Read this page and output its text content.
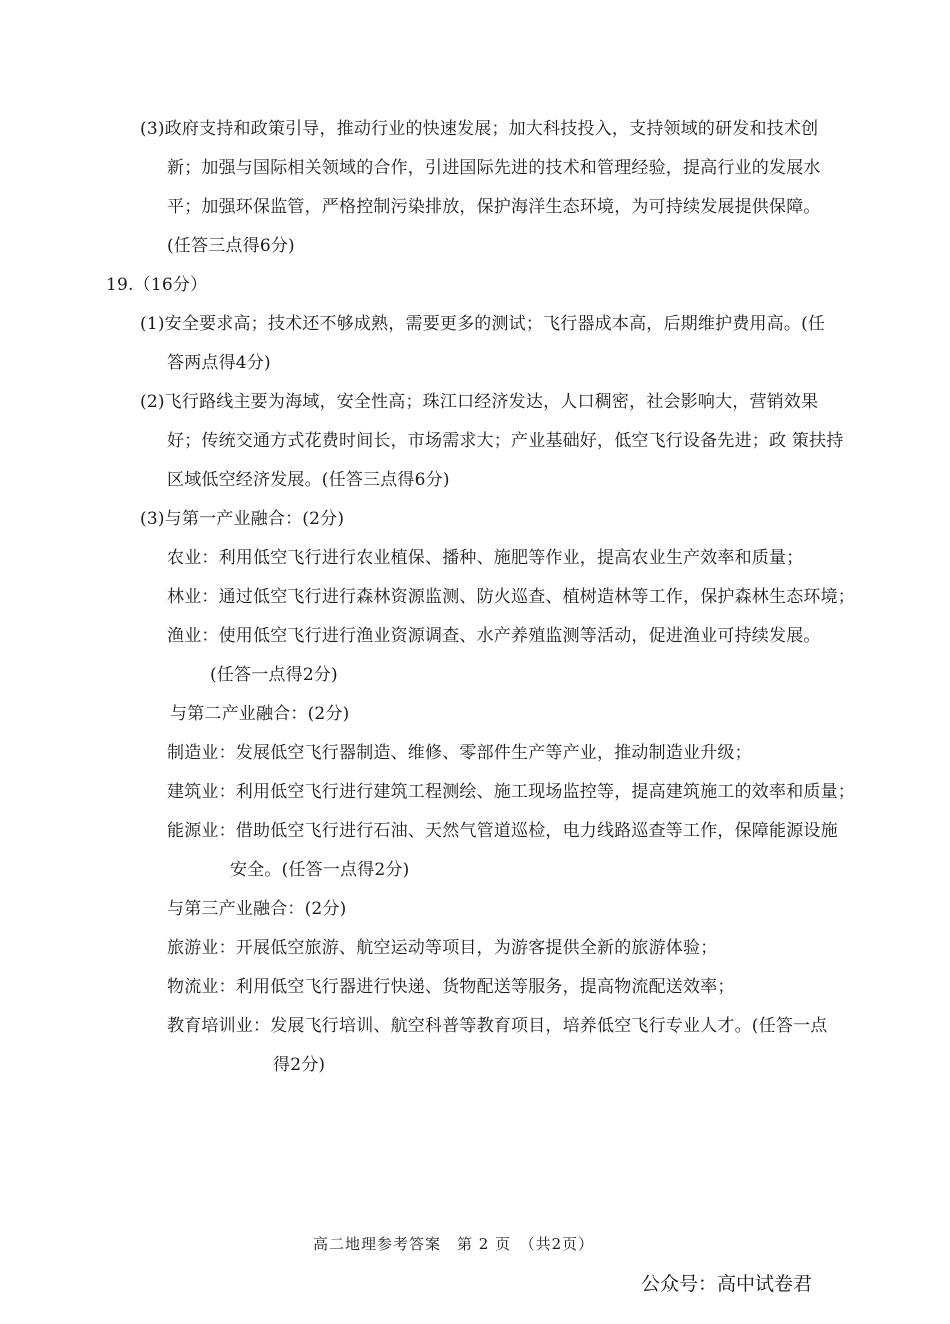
(3)政府支持和政策引导，推动行业的快速发展；加大科技投入，支持领域的研发和技术创
新；加强与国际相关领域的合作，引进国际先进的技术和管理经验，提高行业的发展水
平；加强环保监管，严格控制污染排放，保护海洋生态环境，为可持续发展提供保障。
(任答三点得6分)
19.（16分）
(1)安全要求高；技术还不够成熟，需要更多的测试；飞行器成本高，后期维护费用高。(任
答两点得4分)
(2)飞行路线主要为海域，安全性高；珠江口经济发达，人口稠密，社会影响大，营销效果
好；传统交通方式花费时间长，市场需求大；产业基础好，低空飞行设备先进；政 策扶持
区域低空经济发展。(任答三点得6分)
(3)与第一产业融合：(2分)
农业：利用低空飞行进行农业植保、播种、施肥等作业，提高农业生产效率和质量；
林业：通过低空飞行进行森林资源监测、防火巡查、植树造林等工作，保护森林生态环境；
渔业：使用低空飞行进行渔业资源调查、水产养殖监测等活动，促进渔业可持续发展。
(任答一点得2分)
与第二产业融合：(2分)
制造业：发展低空飞行器制造、维修、零部件生产等产业，推动制造业升级；
建筑业：利用低空飞行进行建筑工程测绘、施工现场监控等，提高建筑施工的效率和质量；
能源业：借助低空飞行进行石油、天然气管道巡检，电力线路巡查等工作，保障能源设施
安全。(任答一点得2分)
与第三产业融合：(2分)
旅游业：开展低空旅游、航空运动等项目，为游客提供全新的旅游体验；
物流业：利用低空飞行器进行快递、货物配送等服务，提高物流配送效率；
教育培训业：发展飞行培训、航空科普等教育项目，培养低空飞行专业人才。(任答一点
得2分)
高二地理参考答案　第 2 页　（共2页）
公众号：高中试卷君
